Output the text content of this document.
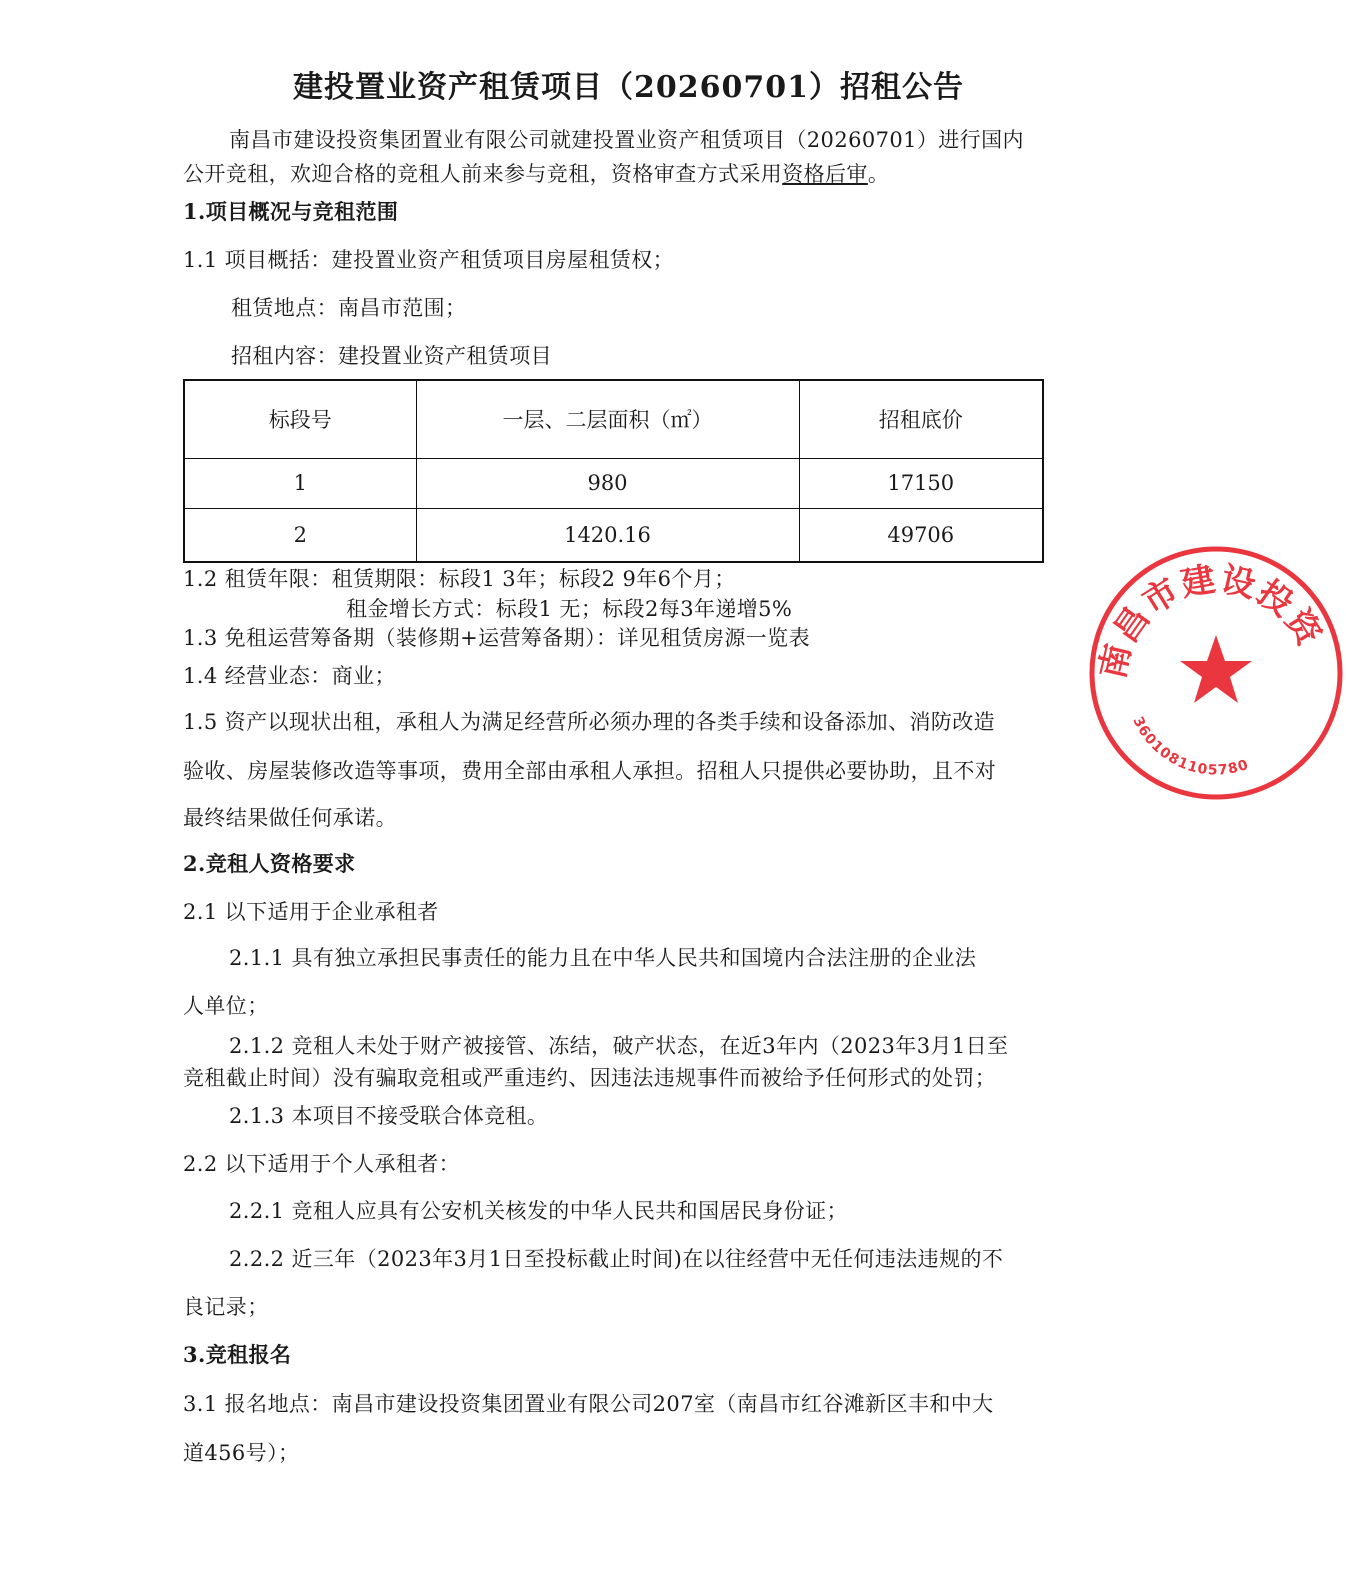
建投置业资产租赁项目（20260701）招租公告
南昌市建设投资集团置业有限公司就建投置业资产租赁项目（20260701）进行国内
公开竞租，欢迎合格的竞租人前来参与竞租，资格审查方式采用资格后审。
1.项目概况与竞租范围
1.1 项目概括：建投置业资产租赁项目房屋租赁权；
租赁地点：南昌市范围；
招租内容：建投置业资产租赁项目
标段号	一层、二层面积（㎡）	招租底价
1	980	17150
2	1420.16	49706
1.2 租赁年限：租赁期限：标段1 3年；标段2 9年6个月；
租金增长方式：标段1 无；标段2每3年递增5%
1.3 免租运营筹备期（装修期+运营筹备期）：详见租赁房源一览表
1.4 经营业态：商业；
1.5 资产以现状出租，承租人为满足经营所必须办理的各类手续和设备添加、消防改造
验收、房屋装修改造等事项，费用全部由承租人承担。招租人只提供必要协助，且不对
最终结果做任何承诺。
2.竞租人资格要求
2.1 以下适用于企业承租者
2.1.1 具有独立承担民事责任的能力且在中华人民共和国境内合法注册的企业法
人单位；
2.1.2 竞租人未处于财产被接管、冻结，破产状态，在近3年内（2023年3月1日至
竞租截止时间）没有骗取竞租或严重违约、因违法违规事件而被给予任何形式的处罚；
2.1.3 本项目不接受联合体竞租。
2.2 以下适用于个人承租者：
2.2.1 竞租人应具有公安机关核发的中华人民共和国居民身份证；
2.2.2 近三年（2023年3月1日至投标截止时间)在以往经营中无任何违法违规的不
良记录；
3.竞租报名
3.1 报名地点：南昌市建设投资集团置业有限公司207室（南昌市红谷滩新区丰和中大
道456号）；
南昌市建设投资
3601081105780
